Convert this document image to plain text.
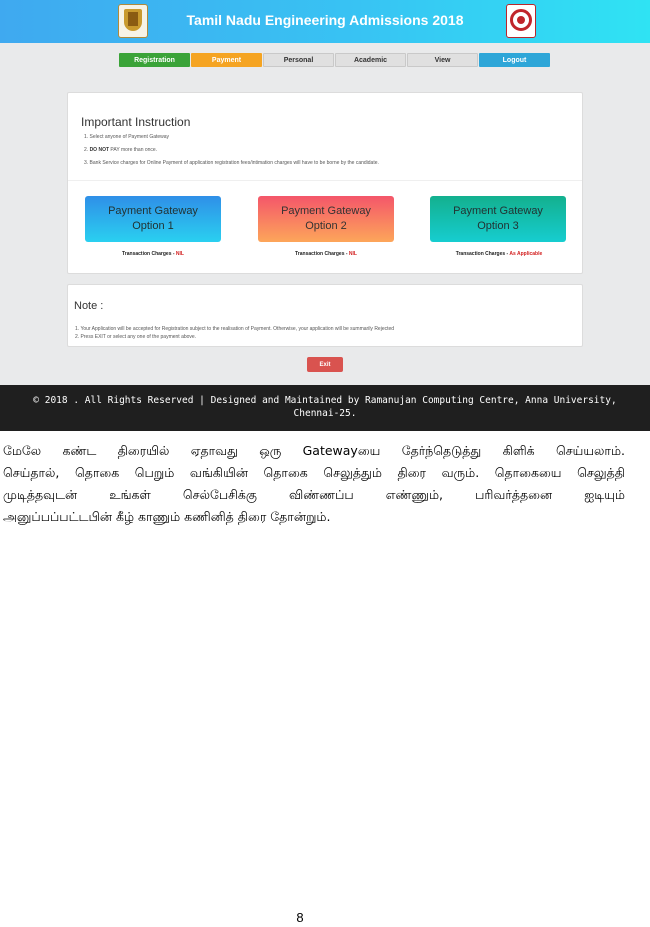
Tamil Nadu Engineering Admissions 2018
Registration	Payment	Personal	Academic	View	Logout
Important Instruction
1. Select anyone of Payment Gateway
2. DO NOT PAY more than once.
3. Bank Service charges for Online Payment of application registration fees/intimation charges will have to be borne by the candidate.
Payment Gateway
Option 1
Payment Gateway
Option 2
Payment Gateway
Option 3
Transaction Charges - NIL	Transaction Charges - NIL	Transaction Charges - As Applicable
Note :
1. Your Application will be accepted for Registration subject to the realisation of Payment. Otherwise, your application will be summarily Rejected
2. Press EXIT or select any one of the payment above.
Exit
© 2018 . All Rights Reserved | Designed and Maintained by Ramanujan Computing Centre, Anna University,
Chennai-25.
மேலே கண்ட திரையில் ஏதாவது ஒரு Gatewayயை தேர்ந்தெடுத்து கிளிக் செய்யலாம்.
செய்தால், தொகை பெறும் வங்கியின் தொகை செலுத்தும் திரை வரும். தொகையை செலுத்தி
முடித்தவுடன் உங்கள் செல்பேசிக்கு விண்ணப்ப எண்ணும், பரிவர்த்தனை ஐடியும்
அனுப்பப்பட்டபின் கீழ் காணும் கணினித் திரை தோன்றும்.
8
